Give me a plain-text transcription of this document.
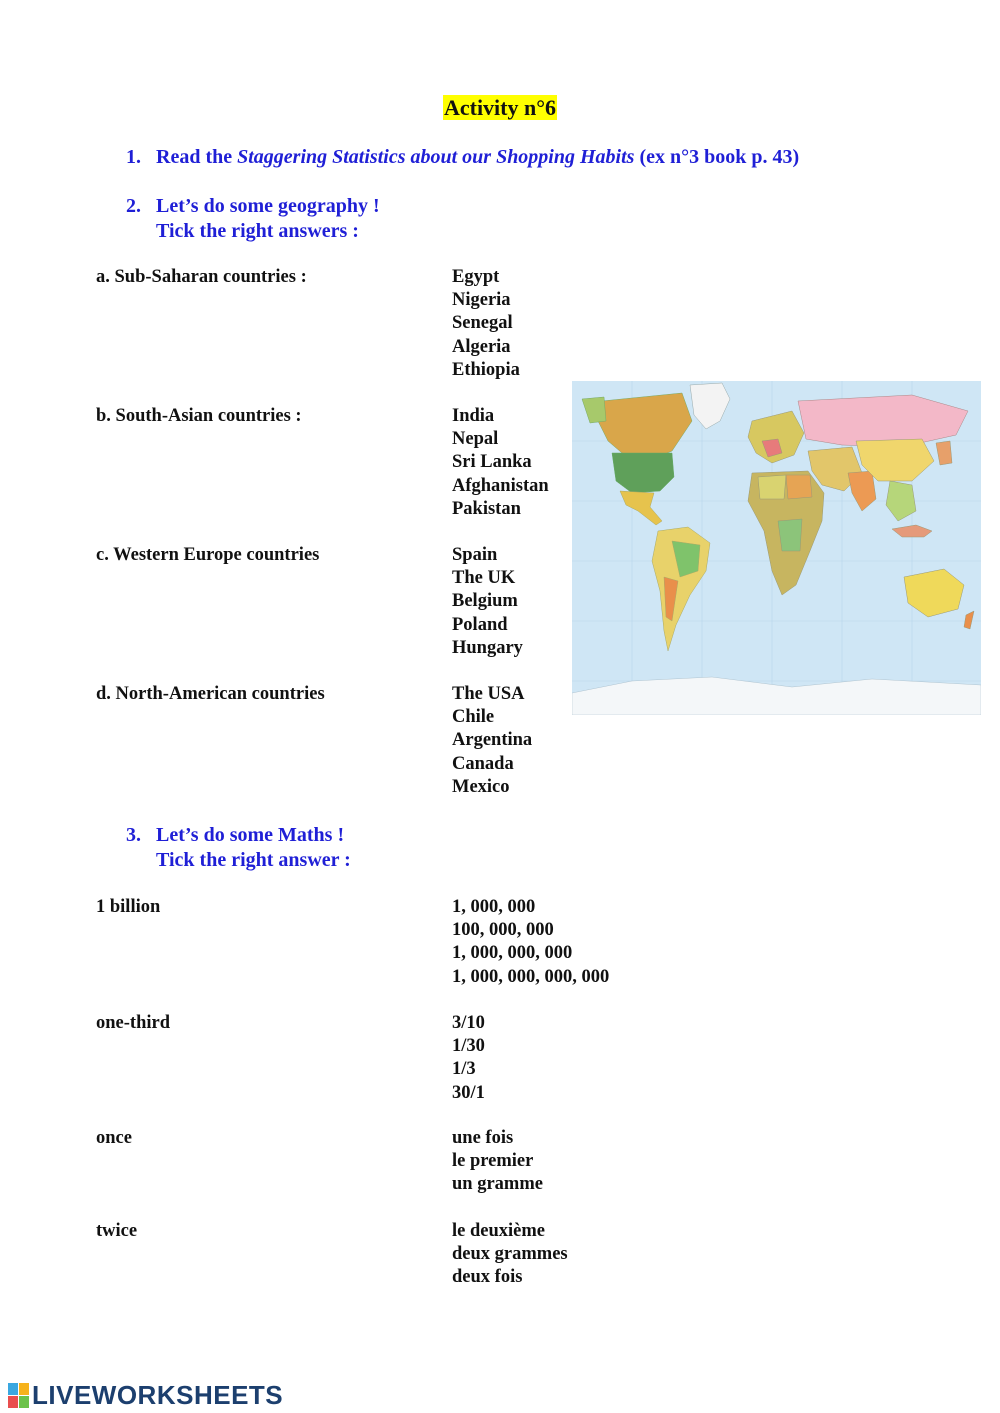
Activity n°6
1. Read the Staggering Statistics about our Shopping Habits (ex n°3 book p. 43)
2. Let’s do some geography !
Tick the right answers :
a. Sub-Saharan countries :	Egypt
Nigeria
Senegal
Algeria
Ethiopia
b. South-Asian countries :	India
Nepal
Sri Lanka
Afghanistan
Pakistan
c. Western Europe countries	Spain
The UK
Belgium
Poland
Hungary
d. North-American countries	The USA
Chile
Argentina
Canada
Mexico
3. Let’s do some Maths !
Tick the right answer :
1 billion	1, 000, 000
100, 000, 000
1, 000, 000, 000
1, 000, 000, 000, 000
one-third	3/10
1/30
1/3
30/1
once	une fois
le premier
un gramme
twice	le deuxième
deux grammes
deux fois
LIVEWORKSHEETS
